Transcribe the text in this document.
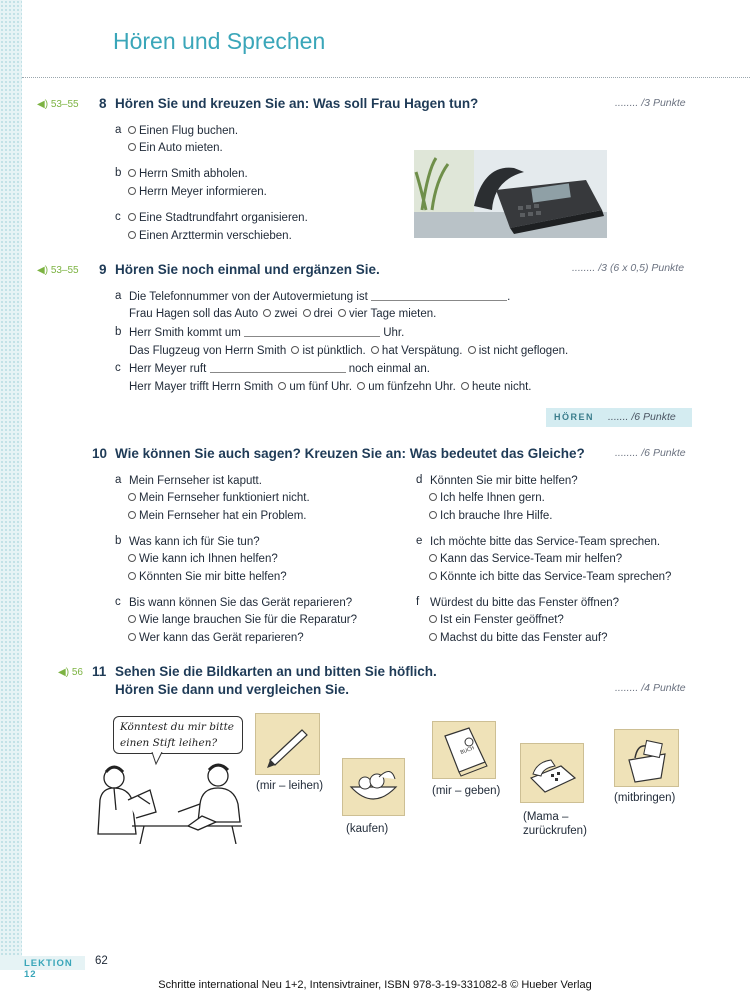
Hören und Sprechen
◀) 53–55 8 Hören Sie und kreuzen Sie an: Was soll Frau Hagen tun?	........ /3 Punkte
a	Einen Flug buchen.
Ein Auto mieten.
b	Herrn Smith abholen.
Herrn Meyer informieren.
c	Eine Stadtrundfahrt organisieren.
Einen Arzttermin verschieben.
◀) 53–55 9 Hören Sie noch einmal und ergänzen Sie.	........ /3 (6 x 0,5) Punkte
a Die Telefonnummer von der Autovermietung ist	.
Frau Hagen soll das Auto zwei drei vier Tage mieten.
b Herr Smith kommt um	Uhr.
Das Flugzeug von Herrn Smith ist pünktlich. hat Verspätung. ist nicht geflogen.
c Herr Meyer ruft	noch einmal an.
Herr Mayer trifft Herrn Smith um fünf Uhr. um fünfzehn Uhr. heute nicht.
HÖREN ....... /6 Punkte
10 Wie können Sie auch sagen? Kreuzen Sie an: Was bedeutet das Gleiche?	........ /6 Punkte
a Mein Fernseher ist kaputt.
Mein Fernseher funktioniert nicht.
Mein Fernseher hat ein Problem.
b Was kann ich für Sie tun?
Wie kann ich Ihnen helfen?
Könnten Sie mir bitte helfen?
c Bis wann können Sie das Gerät reparieren?
Wie lange brauchen Sie für die Reparatur?
Wer kann das Gerät reparieren?
d Könnten Sie mir bitte helfen?
Ich helfe Ihnen gern.
Ich brauche Ihre Hilfe.
e Ich möchte bitte das Service-Team sprechen.
Kann das Service-Team mir helfen?
Könnte ich bitte das Service-Team sprechen?
f Würdest du bitte das Fenster öffnen?
Ist ein Fenster geöffnet?
Machst du bitte das Fenster auf?
◀) 56 11 Sehen Sie die Bildkarten an und bitten Sie höflich.
Hören Sie dann und vergleichen Sie.	........ /4 Punkte
Könntest du mir bitte
einen Stift leihen?
(mir – leihen)
(kaufen)
BUCH
(mir – geben)
(Mama –
zurückrufen)
(mitbringen)
LEKTION 12
62
Schritte international Neu 1+2, Intensivtrainer, ISBN 978-3-19-331082-8 © Hueber Verlag
